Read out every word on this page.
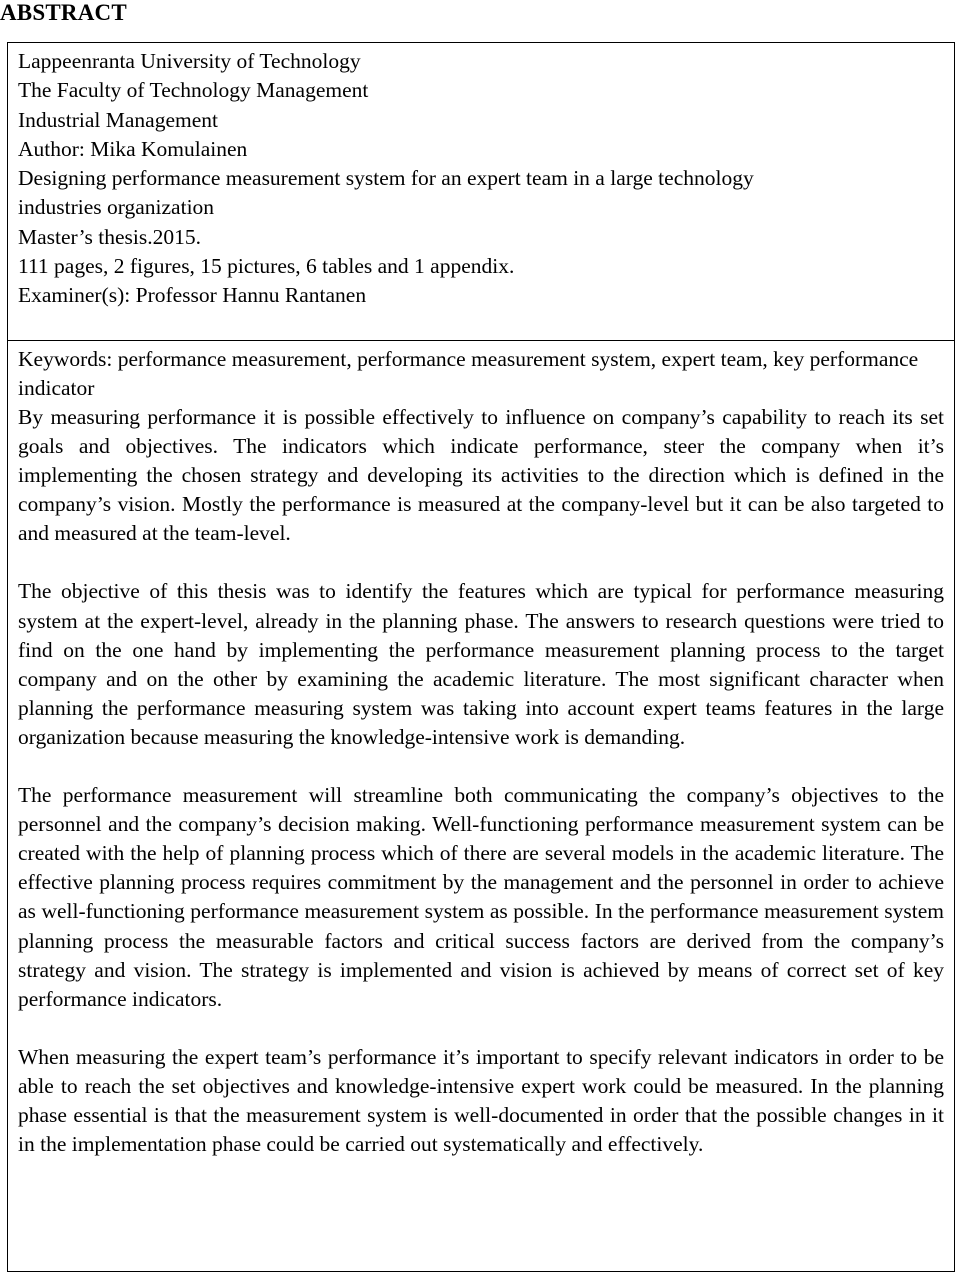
ABSTRACT
Lappeenranta University of Technology
The Faculty of Technology Management
Industrial Management
Author: Mika Komulainen
Designing performance measurement system for an expert team in a large technology
industries organization
Master’s thesis.2015.
111 pages, 2 figures, 15 pictures, 6 tables and 1 appendix.
Examiner(s): Professor Hannu Rantanen

Keywords: performance measurement, performance measurement system, expert team, key performance indicator

By measuring performance it is possible effectively to influence on company’s capability to reach its set goals and objectives. The indicators which indicate performance, steer the company when it’s implementing the chosen strategy and developing its activities to the direction which is defined in the company’s vision. Mostly the performance is measured at the company-level but it can be also targeted to and measured at the team-level.

The objective of this thesis was to identify the features which are typical for performance measuring system at the expert-level, already in the planning phase. The answers to research questions were tried to find on the one hand by implementing the performance measurement planning process to the target company and on the other by examining the academic literature. The most significant character when planning the performance measuring system was taking into account expert teams features in the large organization because measuring the knowledge-intensive work is demanding.

The performance measurement will streamline both communicating the company’s objectives to the personnel and the company’s decision making. Well-functioning performance measurement system can be created with the help of planning process which of there are several models in the academic literature. The effective planning process requires commitment by the management and the personnel in order to achieve as well-functioning performance measurement system as possible. In the performance measurement system planning process the measurable factors and critical success factors are derived from the company’s strategy and vision. The strategy is implemented and vision is achieved by means of correct set of key performance indicators.

When measuring the expert team’s performance it’s important to specify relevant indicators in order to be able to reach the set objectives and knowledge-intensive expert work could be measured. In the planning phase essential is that the measurement system is well-documented in order that the possible changes in it in the implementation phase could be carried out systematically and effectively.
